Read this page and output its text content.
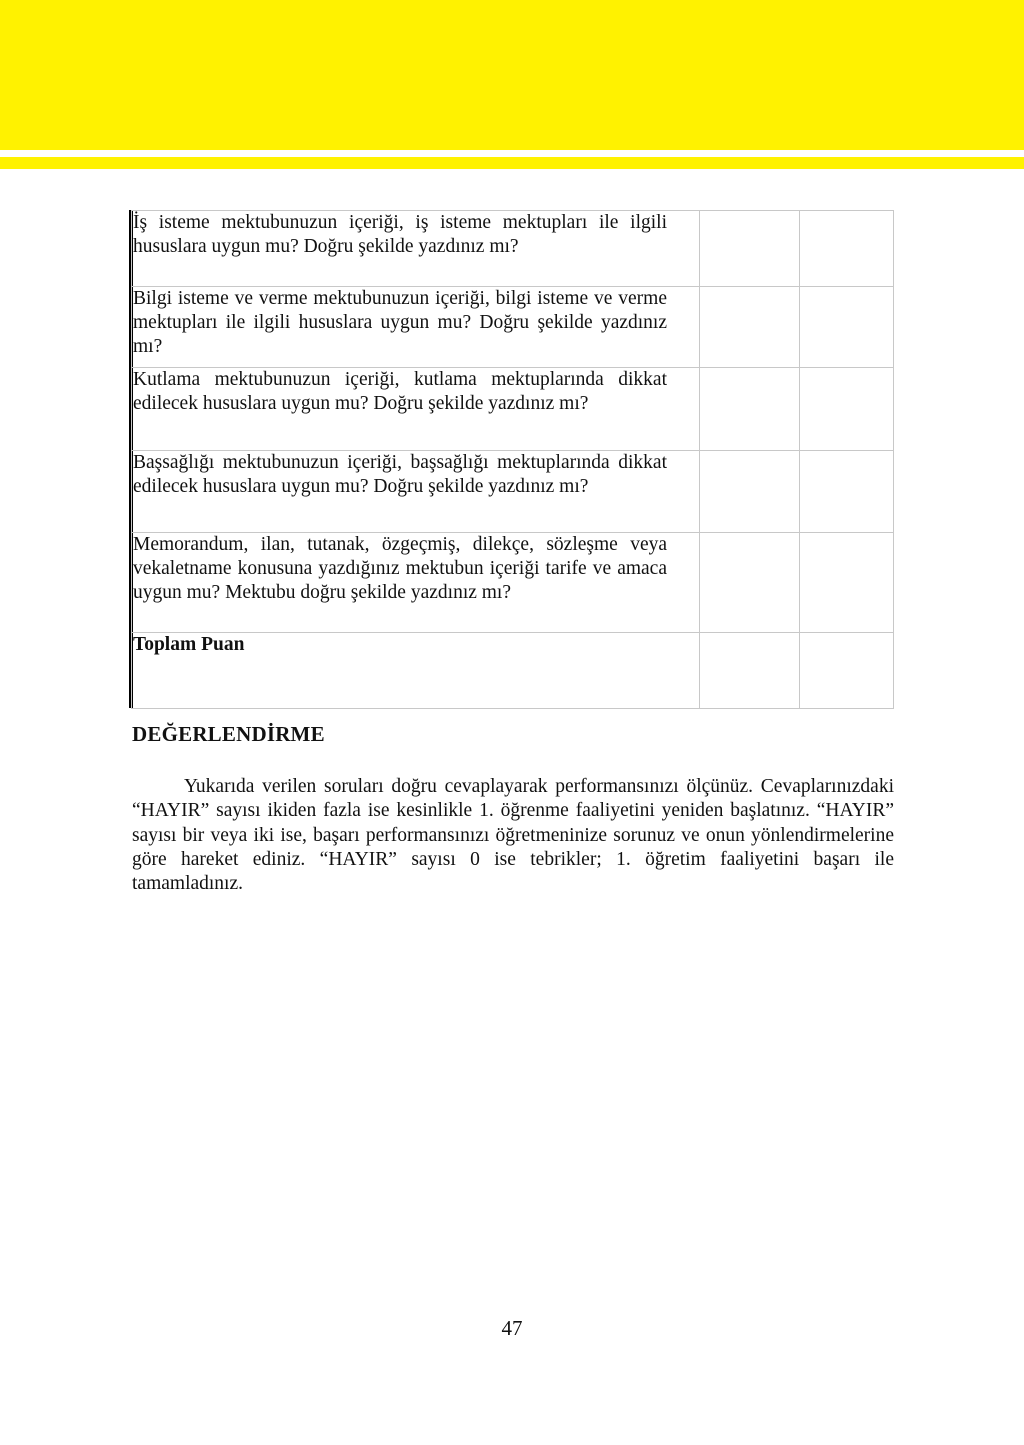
İş isteme mektubunuzun içeriği, iş isteme mektupları ile ilgili hususlara uygun mu? Doğru şekilde yazdınız mı?		
Bilgi isteme ve verme mektubunuzun içeriği, bilgi isteme ve verme mektupları ile ilgili hususlara uygun mu? Doğru şekilde yazdınız mı?		
Kutlama mektubunuzun içeriği, kutlama mektuplarında dikkat edilecek hususlara uygun mu? Doğru şekilde yazdınız mı?		
Başsağlığı mektubunuzun içeriği, başsağlığı mektuplarında dikkat edilecek hususlara uygun mu? Doğru şekilde yazdınız mı?		
Memorandum, ilan, tutanak, özgeçmiş, dilekçe, sözleşme veya vekaletname konusuna yazdığınız mektubun içeriği tarife ve amaca uygun mu? Mektubu doğru şekilde yazdınız mı?		
Toplam Puan		
DEĞERLENDİRME

Yukarıda verilen soruları doğru cevaplayarak performansınızı ölçünüz. Cevaplarınızdaki “HAYIR” sayısı ikiden fazla ise kesinlikle 1. öğrenme faaliyetini yeniden başlatınız. “HAYIR” sayısı bir veya iki ise, başarı performansınızı öğretmeninize sorunuz ve onun yönlendirmelerine göre hareket ediniz. “HAYIR” sayısı 0 ise tebrikler; 1. öğretim faaliyetini başarı ile tamamladınız.

47
